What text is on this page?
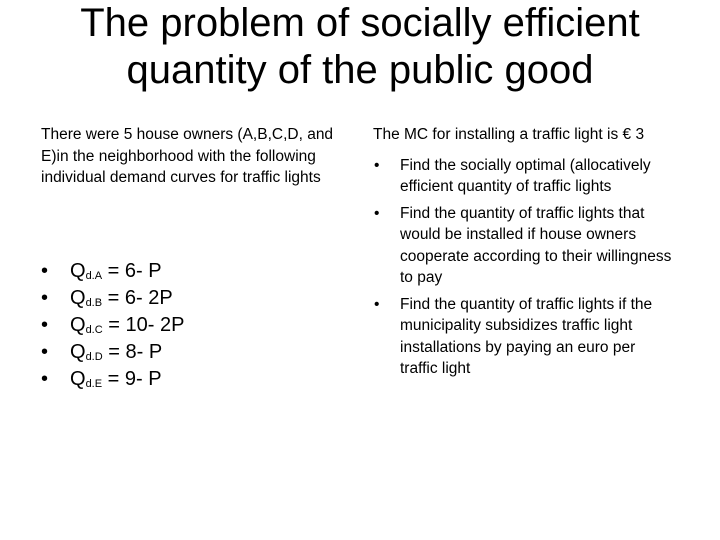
The problem of socially efficient quantity of the public good

There were 5 house owners (A,B,C,D, and E)in the neighborhood with the following individual demand curves for traffic lights

• $Q_{d.A} = 6-$ P
• $Q_{d.B} = 6-$ 2P
• $Q_{d.C} = 10-$ 2P
• $Q_{d.D} = 8-$ P
• $Q_{d.E} = 9-$ P

The MC for installing a traffic light is € 3

• Find the socially optimal (allocatively efficient quantity of traffic lights
• Find the quantity of traffic lights that would be installed if house owners cooperate according to their willingness to pay
• Find the quantity of traffic lights if the municipality subsidizes traffic light installations by paying an euro per traffic light
